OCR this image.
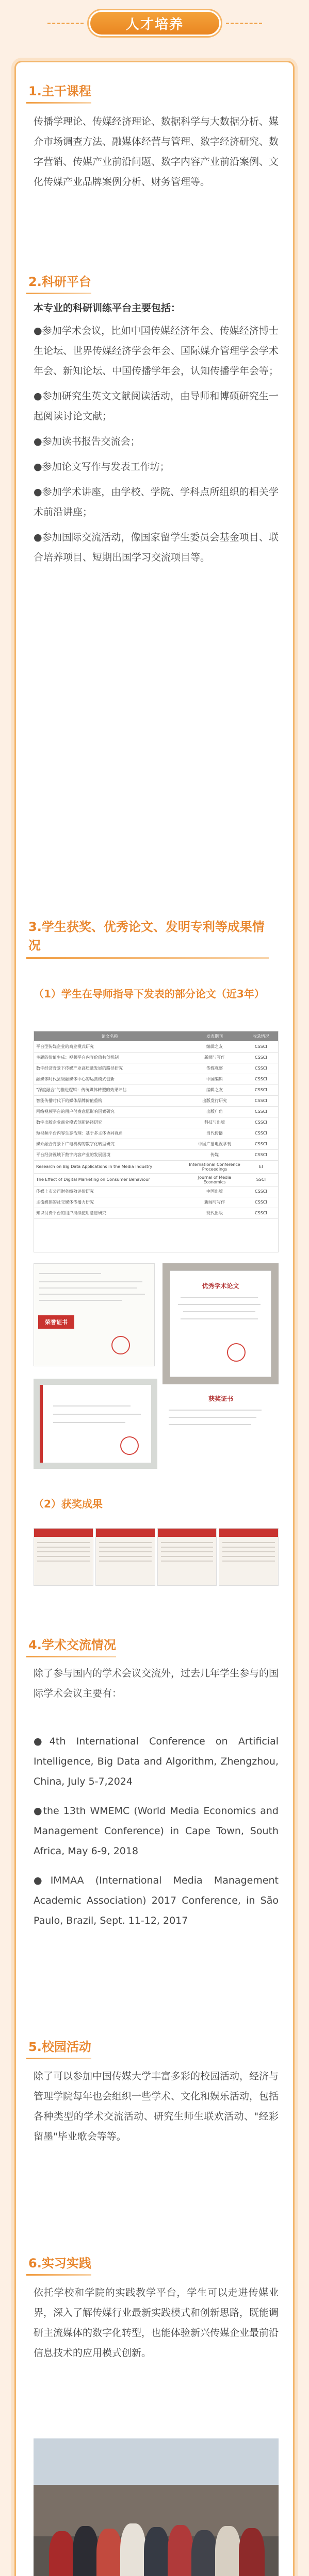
人才培养
1.主干课程
传播学理论、传媒经济理论、数据科学与大数据分析、媒介市场调查方法、融媒体经营与管理、数字经济研究、数字营销、传媒产业前沿问题、数字内容产业前沿案例、文化传媒产业品牌案例分析、财务管理等。
2.科研平台
本专业的科研训练平台主要包括：
●参加学术会议，比如中国传媒经济年会、传媒经济博士生论坛、世界传媒经济学会年会、国际媒介管理学会学术年会、新知论坛、中国传播学年会，认知传播学年会等；
●参加研究生英文文献阅读活动，由导师和博硕研究生一起阅读讨论文献；
●参加读书报告交流会；
●参加论文写作与发表工作坊；
●参加学术讲座，由学校、学院、学科点所组织的相关学术前沿讲座；
●参加国际交流活动，像国家留学生委员会基金项目、联合培养项目、短期出国学习交流项目等。
3.学生获奖、优秀论文、发明专利等成果情况
（1）学生在导师指导下发表的部分论文（近3年）
论文名称	发表期刊	收录情况
平台型传媒企业的商业模式研究	编辑之友	CSSCI
主题的价值生成：视频平台内容价值共创机制	新闻与写作	CSSCI
数字经济背景下传媒产业高质量发展的路径研究	传媒观察	CSSCI
融媒体时代县级融媒体中心的运营模式创新	中国编辑	CSSCI
"深度融合"的推进逻辑：传统媒体转型的效果评估	编辑之友	CSSCI
智能传播时代下的媒体品牌价值重构	出版发行研究	CSSCI
网络视频平台的用户付费意愿影响因素研究	出版广角	CSSCI
数字出版企业商业模式创新路径研究	科技与出版	CSSCI
短视频平台内容生态治理：基于多主体协同视角	当代传播	CSSCI
媒介融合背景下广电机构的数字化转型研究	中国广播电视学刊	CSSCI
平台经济视域下数字内容产业的发展困境	传媒	CSSCI
Research on Big Data Applications in the Media Industry	International Conference Proceedings	EI
The Effect of Digital Marketing on Consumer Behaviour	Journal of Media Economics	SSCI
传媒上市公司财务绩效评价研究	中国出版	CSSCI
主流媒体的社交媒体传播力研究	新闻与写作	CSSCI
知识付费平台的用户持续使用意愿研究	现代出版	CSSCI
荣誉证书
优秀学术论文
获奖证书
（2）获奖成果
4.学术交流情况
除了参与国内的学术会议交流外，过去几年学生参与的国际学术会议主要有：
●4th International Conference on Artificial Intelligence, Big Data and Algorithm, Zhengzhou, China, July 5-7,2024
●the 13th WMEMC (World Media Economics and Management Conference) in Cape Town, South Africa, May 6-9, 2018
●IMMAA (International Media Management Academic Association) 2017 Conference, in São Paulo, Brazil, Sept. 11-12, 2017
5.校园活动
除了可以参加中国传媒大学丰富多彩的校园活动，经济与管理学院每年也会组织一些学术、文化和娱乐活动，包括各种类型的学术交流活动、研究生师生联欢活动、"经彩留墨"毕业歌会等等。
6.实习实践
依托学校和学院的实践教学平台，学生可以走进传媒业界，深入了解传媒行业最新实践模式和创新思路，既能调研主流媒体的数字化转型，也能体验新兴传媒企业最前沿信息技术的应用模式创新。
